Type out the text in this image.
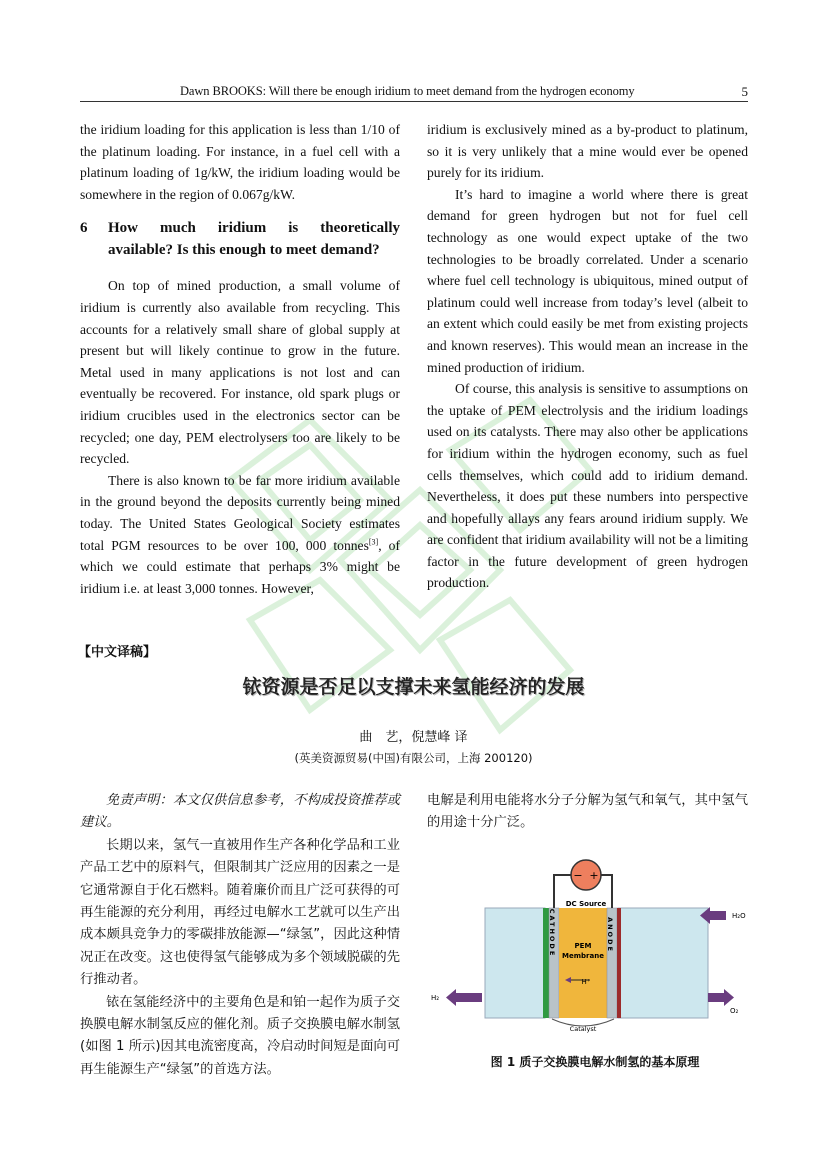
Dawn BROOKS: Will there be enough iridium to meet demand from the hydrogen economy	5

the iridium loading for this application is less than 1/10 of the platinum loading. For instance, in a fuel cell with a platinum loading of 1g/kW, the iridium loading would be somewhere in the region of 0.067g/kW.

6	How much iridium is theoretically
available? Is this enough to meet demand?

On top of mined production, a small volume of iridium is currently also available from recycling. This accounts for a relatively small share of global supply at present but will likely continue to grow in the future. Metal used in many applications is not lost and can eventually be recovered. For instance, old spark plugs or iridium crucibles used in the electronics sector can be recycled; one day, PEM electrolysers too are likely to be recycled.

There is also known to be far more iridium available in the ground beyond the deposits currently being mined today. The United States Geological Society estimates total PGM resources to be over 100, 000 tonnes[3], of which we could estimate that perhaps 3% might be iridium i.e. at least 3,000 tonnes. However,

iridium is exclusively mined as a by-product to platinum, so it is very unlikely that a mine would ever be opened purely for its iridium.

It’s hard to imagine a world where there is great demand for green hydrogen but not for fuel cell technology as one would expect uptake of the two technologies to be broadly correlated. Under a scenario where fuel cell technology is ubiquitous, mined output of platinum could well increase from today’s level (albeit to an extent which could easily be met from existing projects and known reserves). This would mean an increase in the mined production of iridium.

Of course, this analysis is sensitive to assumptions on the uptake of PEM electrolysis and the iridium loadings used on its catalysts. There may also other be applications for iridium within the hydrogen economy, such as fuel cells themselves, which could add to iridium demand. Nevertheless, it does put these numbers into perspective and hopefully allays any fears around iridium supply. We are confident that iridium availability will not be a limiting factor in the future development of green hydrogen production.

【中文译稿】
铱资源是否足以支撑未来氢能经济的发展
曲　艺，倪慧峰 译
(英美资源贸易(中国)有限公司，上海 200120)

免责声明：本文仅供信息参考，不构成投资推荐或建议。

长期以来，氢气一直被用作生产各种化学品和工业产品工艺中的原料气，但限制其广泛应用的因素之一是它通常源自于化石燃料。随着廉价而且广泛可获得的可再生能源的充分利用，再经过电解水工艺就可以生产出成本颇具竞争力的零碳排放能源—“绿氢”，因此这种情况正在改变。这也使得氢气能够成为多个领域脱碳的先行推动者。

铱在氢能经济中的主要角色是和铂一起作为质子交换膜电解水制氢反应的催化剂。质子交换膜电解水制氢(如图 1 所示)因其电流密度高，冷启动时间短是面向可再生能源生产“绿氢”的首选方法。

电解是利用电能将水分子分解为氢气和氧气，其中氢气的用途十分广泛。

− +
DC Source
CATHODE	ANODE
PEM
Membrane
H⁺
H₂O
H₂
O₂
Catalyst
图 1 质子交换膜电解水制氢的基本原理
